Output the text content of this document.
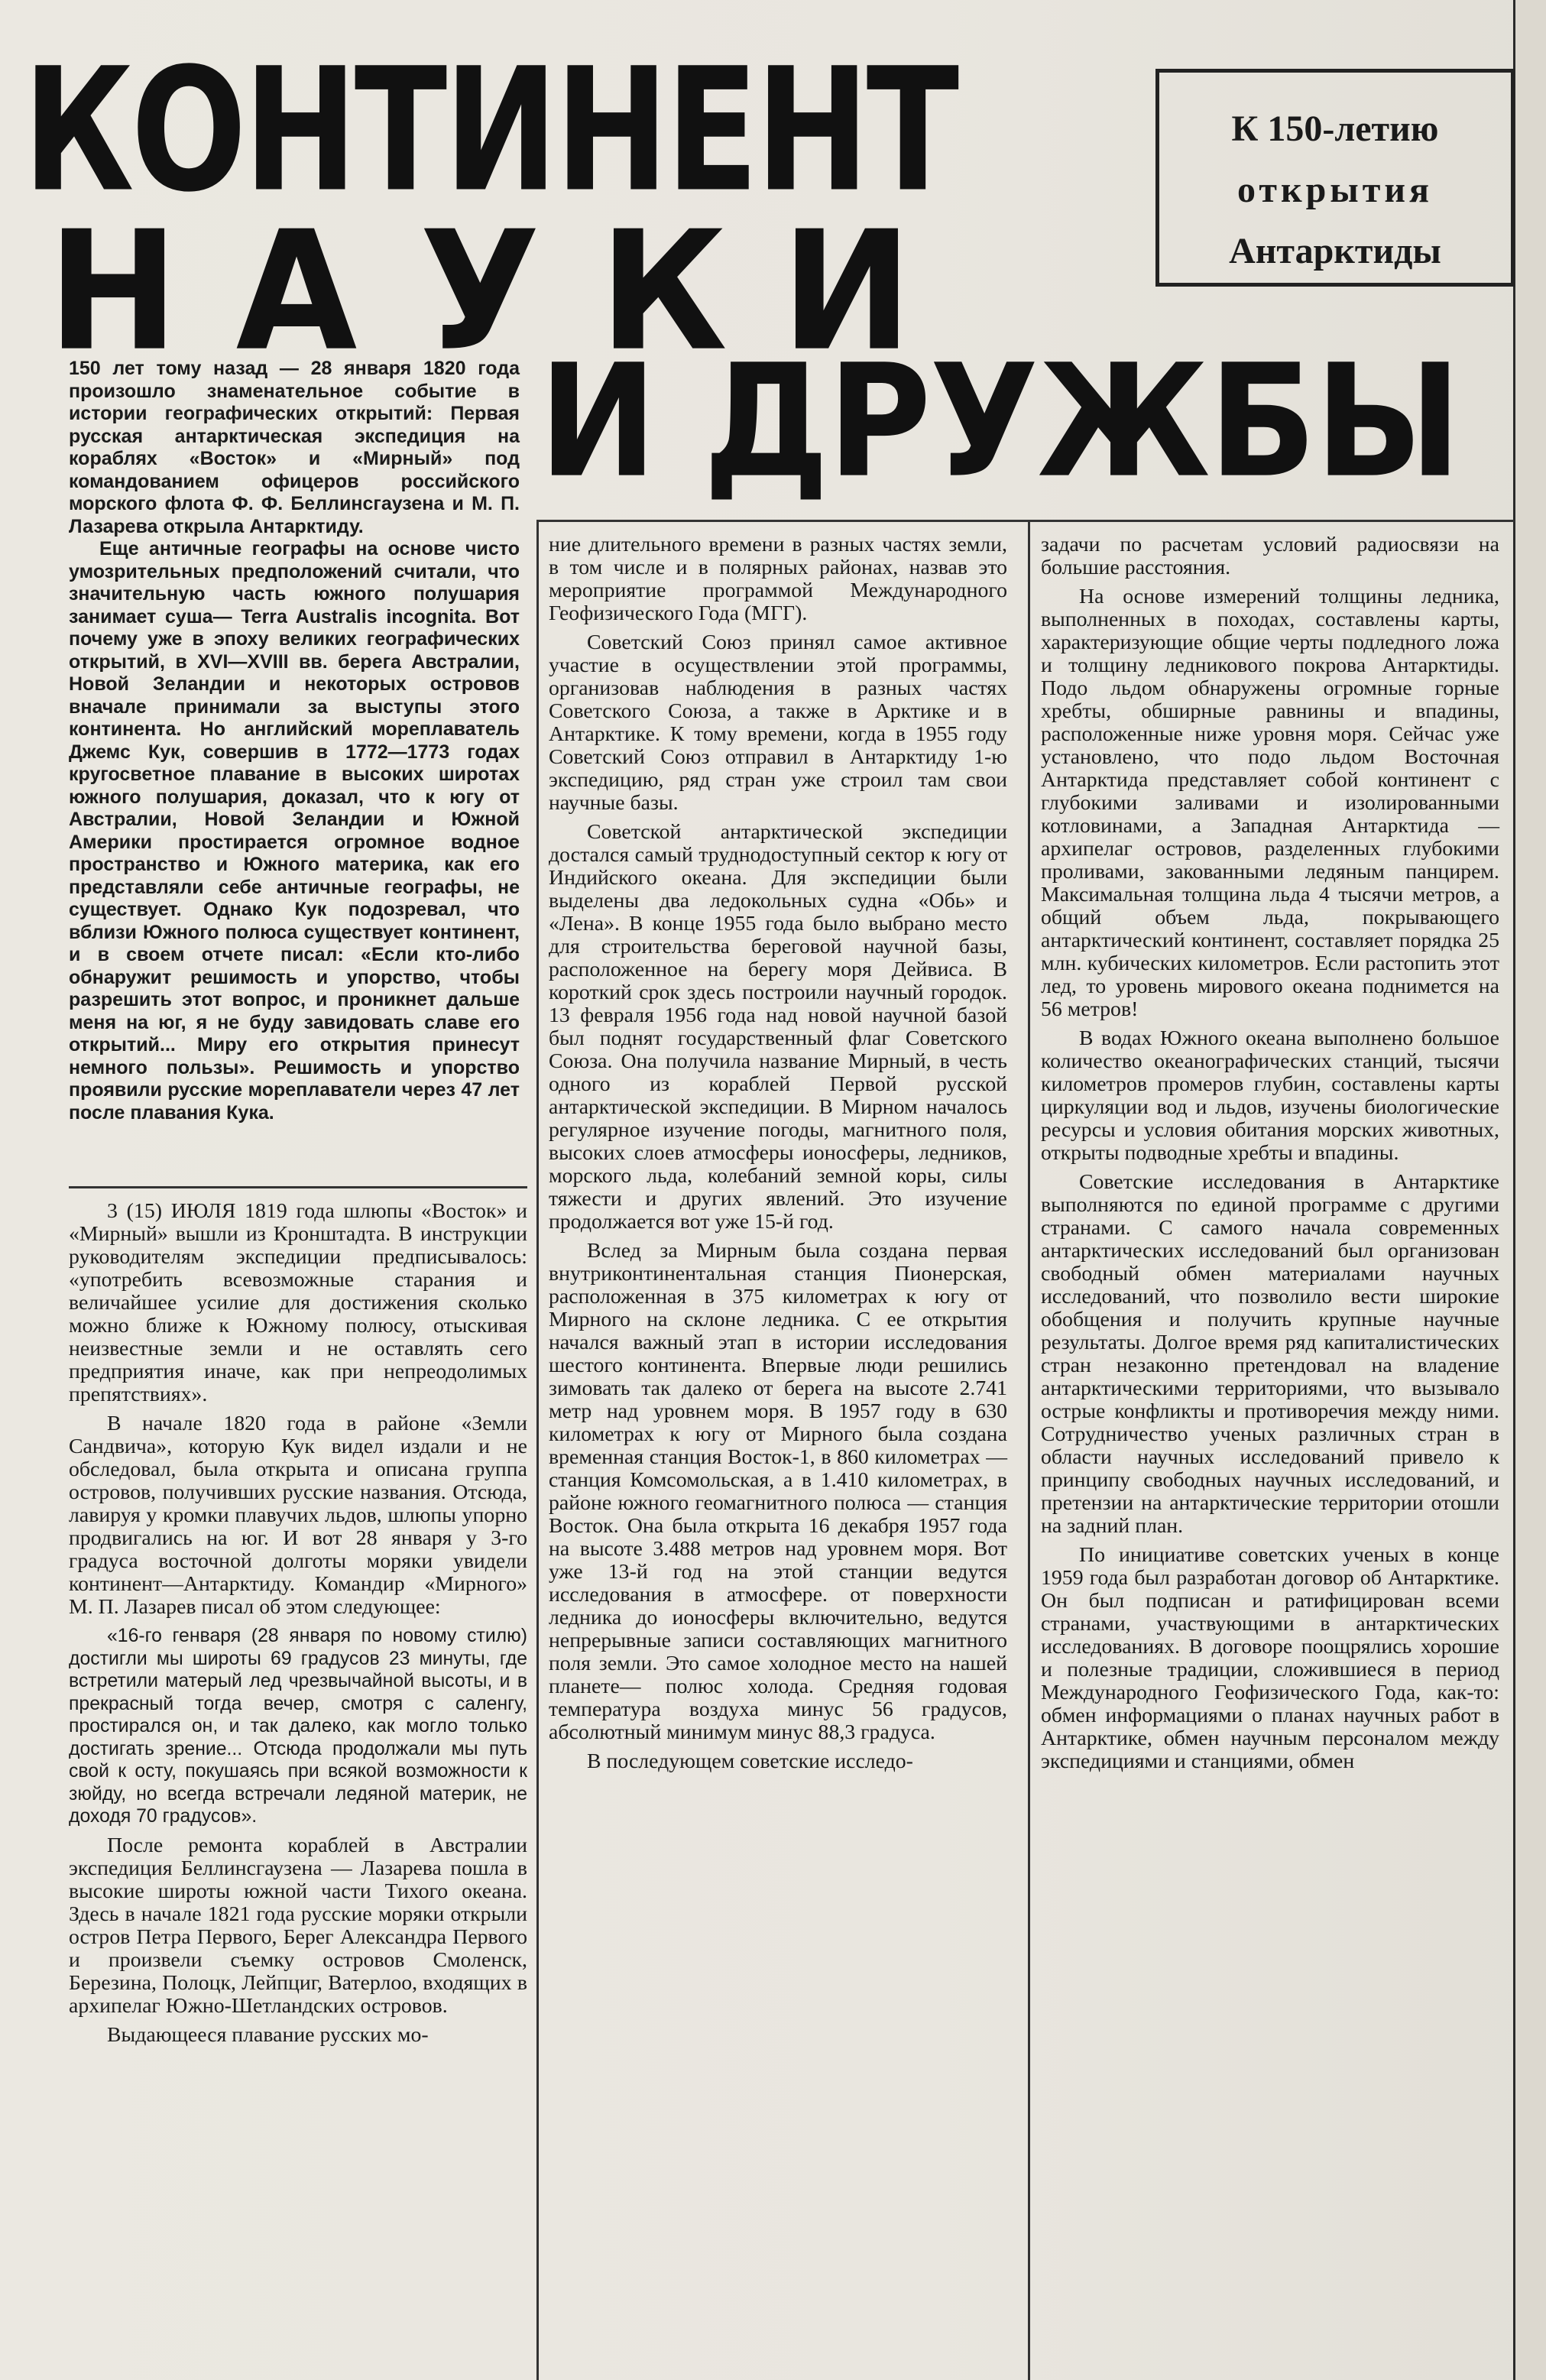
КОНТИНЕНТ
Н А У К И
И ДРУЖБЫ
К 150-летию
открытия
Антарктиды

150 лет тому назад — 28 января 1820 года произошло знаменательное событие в истории географических открытий: Первая русская антарктическая экспедиция на кораблях «Восток» и «Мирный» под командованием офицеров российского морского флота Ф. Ф. Беллинсгаузена и М. П. Лазарева открыла Антарктиду.

Еще античные географы на основе чисто умозрительных предположений считали, что значительную часть южного полушария занимает суша— Terra Australis incognita. Вот почему уже в эпоху великих географических открытий, в XVI—XVIII вв. берега Австралии, Новой Зеландии и некоторых островов вначале принимали за выступы этого континента. Но английский мореплаватель Джемс Кук, совершив в 1772—1773 годах кругосветное плавание в высоких широтах южного полушария, доказал, что к югу от Австралии, Новой Зеландии и Южной Америки простирается огромное водное пространство и Южного материка, как его представляли себе античные географы, не существует. Однако Кук подозревал, что вблизи Южного полюса существует континент, и в своем отчете писал: «Если кто-либо обнаружит решимость и упорство, чтобы разрешить этот вопрос, и проникнет дальше меня на юг, я не буду завидовать славе его открытий... Миру его открытия принесут немного пользы». Решимость и упорство проявили русские мореплаватели через 47 лет после плавания Кука.

3 (15) ИЮЛЯ 1819 года шлюпы «Восток» и «Мирный» вышли из Кронштадта. В инструкции руководителям экспедиции предписывалось: «употребить всевозможные старания и величайшее усилие для достижения сколько можно ближе к Южному полюсу, отыскивая неизвестные земли и не оставлять сего предприятия иначе, как при непреодолимых препятствиях».

В начале 1820 года в районе «Земли Сандвича», которую Кук видел издали и не обследовал, была открыта и описана группа островов, получивших русские названия. Отсюда, лавируя у кромки плавучих льдов, шлюпы упорно продвигались на юг. И вот 28 января у 3-го градуса восточной долготы моряки увидели континент—Антарктиду. Командир «Мирного» М. П. Лазарев писал об этом следующее:

«16-го генваря (28 января по новому стилю) достигли мы широты 69 градусов 23 минуты, где встретили матерый лед чрезвычайной высоты, и в прекрасный тогда вечер, смотря с саленгу, простирался он, и так далеко, как могло только достигать зрение... Отсюда продолжали мы путь свой к осту, покушаясь при всякой возможности к зюйду, но всегда встречали ледяной материк, не доходя 70 градусов».

После ремонта кораблей в Австралии экспедиция Беллинсгаузена — Лазарева пошла в высокие широты южной части Тихого океана. Здесь в начале 1821 года русские моряки открыли остров Петра Первого, Берег Александра Первого и произвели съемку островов Смоленск, Березина, Полоцк, Лейпциг, Ватерлоо, входящих в архипелаг Южно-Шетландских островов.

Выдающееся плавание русских мо-

ние длительного времени в разных частях земли, в том числе и в полярных районах, назвав это мероприятие программой Международного Геофизического Года (МГГ).

Советский Союз принял самое активное участие в осуществлении этой программы, организовав наблюдения в разных частях Советского Союза, а также в Арктике и в Антарктике. К тому времени, когда в 1955 году Советский Союз отправил в Антарктиду 1-ю экспедицию, ряд стран уже строил там свои научные базы.

Советской антарктической экспедиции достался самый труднодоступный сектор к югу от Индийского океана. Для экспедиции были выделены два ледокольных судна «Обь» и «Лена». В конце 1955 года было выбрано место для строительства береговой научной базы, расположенное на берегу моря Дейвиса. В короткий срок здесь построили научный городок. 13 февраля 1956 года над новой научной базой был поднят государственный флаг Советского Союза. Она получила название Мирный, в честь одного из кораблей Первой русской антарктической экспедиции. В Мирном началось регулярное изучение погоды, магнитного поля, высоких слоев атмосферы ионосферы, ледников, морского льда, колебаний земной коры, силы тяжести и других явлений. Это изучение продолжается вот уже 15-й год.

Вслед за Мирным была создана первая внутриконтинентальная станция Пионерская, расположенная в 375 километрах к югу от Мирного на склоне ледника. С ее открытия начался важный этап в истории исследования шестого континента. Впервые люди решились зимовать так далеко от берега на высоте 2.741 метр над уровнем моря. В 1957 году в 630 километрах к югу от Мирного была создана временная станция Восток-1, в 860 километрах — станция Комсомольская, а в 1.410 километрах, в районе южного геомагнитного полюса — станция Восток. Она была открыта 16 декабря 1957 года на высоте 3.488 метров над уровнем моря. Вот уже 13-й год на этой станции ведутся исследования в атмосфере. от поверхности ледника до ионосферы включительно, ведутся непрерывные записи составляющих магнитного поля земли. Это самое холодное место на нашей планете— полюс холода. Средняя годовая температура воздуха минус 56 градусов, абсолютный минимум минус 88,3 градуса.

В последующем советские исследо-

задачи по расчетам условий радиосвязи на большие расстояния.

На основе измерений толщины ледника, выполненных в походах, составлены карты, характеризующие общие черты подледного ложа и толщину ледникового покрова Антарктиды. Подо льдом обнаружены огромные горные хребты, обширные равнины и впадины, расположенные ниже уровня моря. Сейчас уже установлено, что подо льдом Восточная Антарктида представляет собой континент с глубокими заливами и изолированными котловинами, а Западная Антарктида — архипелаг островов, разделенных глубокими проливами, закованными ледяным панцирем. Максимальная толщина льда 4 тысячи метров, а общий объем льда, покрывающего антарктический континент, составляет порядка 25 млн. кубических километров. Если растопить этот лед, то уровень мирового океана поднимется на 56 метров!

В водах Южного океана выполнено большое количество океанографических станций, тысячи километров промеров глубин, составлены карты циркуляции вод и льдов, изучены биологические ресурсы и условия обитания морских животных, открыты подводные хребты и впадины.

Советские исследования в Антарктике выполняются по единой программе с другими странами. С самого начала современных антарктических исследований был организован свободный обмен материалами научных исследований, что позволило вести широкие обобщения и получить крупные научные результаты. Долгое время ряд капиталистических стран незаконно претендовал на владение антарктическими территориями, что вызывало острые конфликты и противоречия между ними. Сотрудничество ученых различных стран в области научных исследований привело к принципу свободных научных исследований, и претензии на антарктические территории отошли на задний план.

По инициативе советских ученых в конце 1959 года был разработан договор об Антарктике. Он был подписан и ратифицирован всеми странами, участвующими в антарктических исследованиях. В договоре поощрялись хорошие и полезные традиции, сложившиеся в период Международного Геофизического Года, как-то: обмен информациями о планах научных работ в Антарктике, обмен научным персоналом между экспедициями и станциями, обмен
